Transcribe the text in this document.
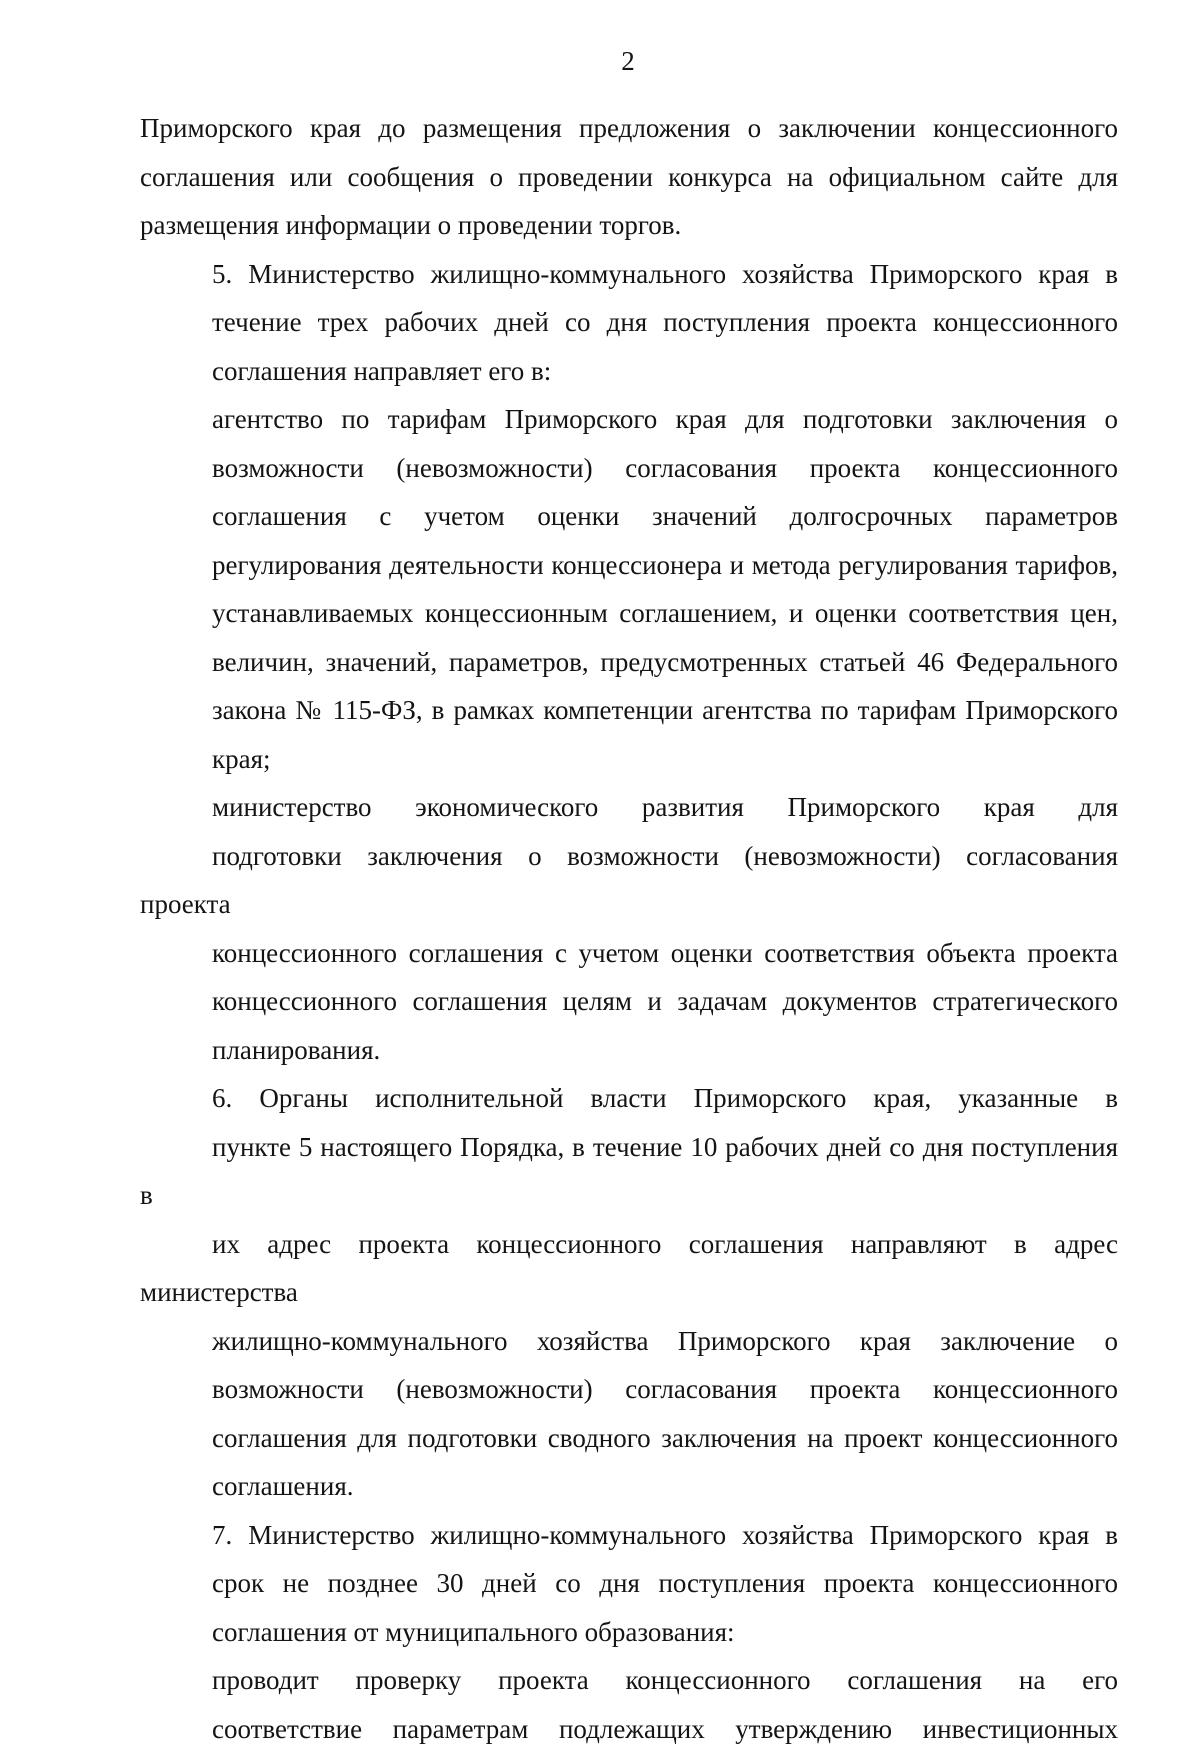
2

Приморского края до размещения предложения о заключении концессионного
соглашения или сообщения о проведении конкурса на официальном сайте для
размещения информации о проведении торгов.

5. Министерство жилищно-коммунального хозяйства Приморского края в
течение трех рабочих дней со дня поступления проекта концессионного
соглашения направляет его в:

агентство по тарифам Приморского края для подготовки заключения о
возможности (невозможности) согласования проекта концессионного
соглашения с учетом оценки значений долгосрочных параметров
регулирования деятельности концессионера и метода регулирования тарифов,
устанавливаемых концессионным соглашением, и оценки соответствия цен,
величин, значений, параметров, предусмотренных статьей 46 Федерального
закона № 115-ФЗ, в рамках компетенции агентства по тарифам Приморского
края;

министерство экономического развития Приморского края для
подготовки заключения о возможности (невозможности) согласования проекта
концессионного соглашения с учетом оценки соответствия объекта проекта
концессионного соглашения целям и задачам документов стратегического
планирования.

6. Органы исполнительной власти Приморского края, указанные в
пункте 5 настоящего Порядка, в течение 10 рабочих дней со дня поступления в
их адрес проекта концессионного соглашения направляют в адрес министерства
жилищно-коммунального хозяйства Приморского края заключение о
возможности (невозможности) согласования проекта концессионного
соглашения для подготовки сводного заключения на проект концессионного
соглашения.

7. Министерство жилищно-коммунального хозяйства Приморского края в
срок не позднее 30 дней со дня поступления проекта концессионного
соглашения от муниципального образования:

проводит проверку проекта концессионного соглашения на его
соответствие параметрам подлежащих утверждению инвестиционных
